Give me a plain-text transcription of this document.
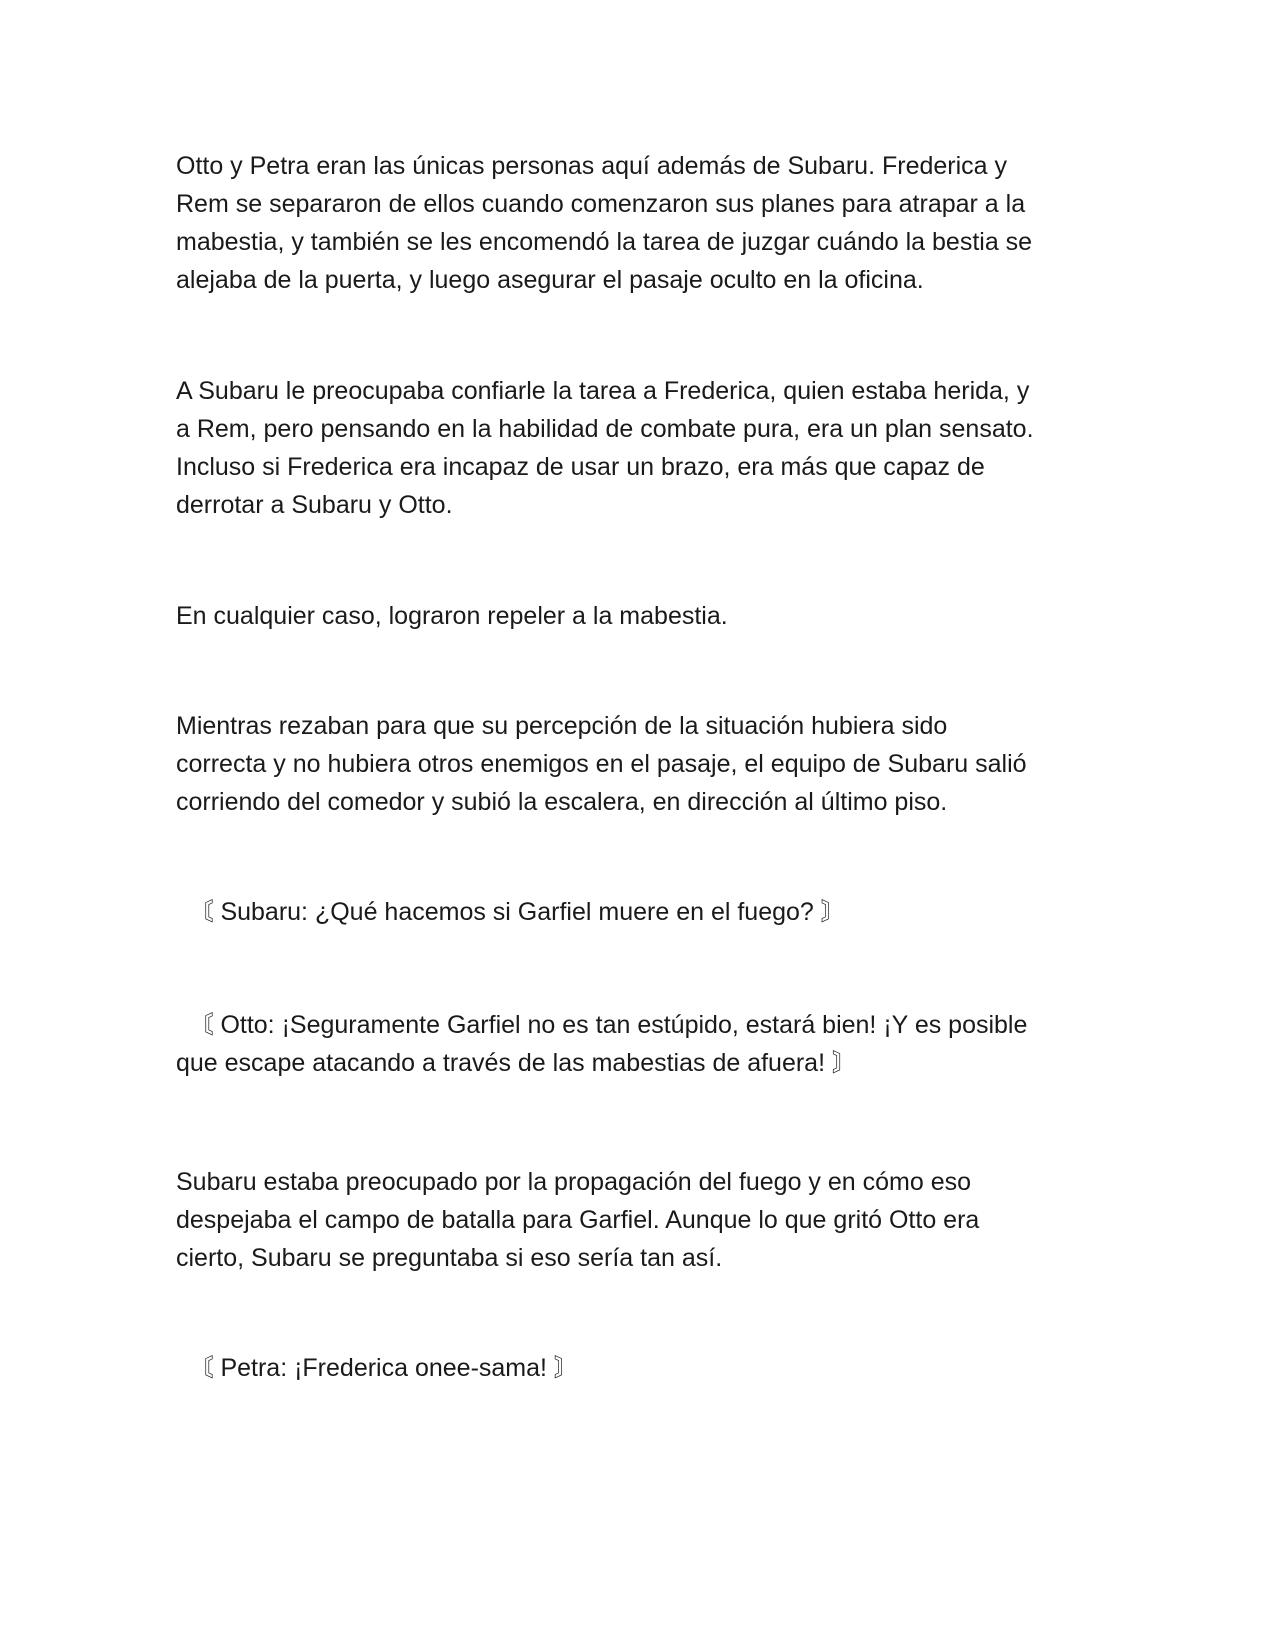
Otto y Petra eran las únicas personas aquí además de Subaru. Frederica y
Rem se separaron de ellos cuando comenzaron sus planes para atrapar a la
mabestia, y también se les encomendó la tarea de juzgar cuándo la bestia se
alejaba de la puerta, y luego asegurar el pasaje oculto en la oficina.

A Subaru le preocupaba confiarle la tarea a Frederica, quien estaba herida, y
a Rem, pero pensando en la habilidad de combate pura, era un plan sensato.
Incluso si Frederica era incapaz de usar un brazo, era más que capaz de
derrotar a Subaru y Otto.

En cualquier caso, lograron repeler a la mabestia.

Mientras rezaban para que su percepción de la situación hubiera sido
correcta y no hubiera otros enemigos en el pasaje, el equipo de Subaru salió
corriendo del comedor y subió la escalera, en dirección al último piso.

　〘 Subaru: ¿Qué hacemos si Garfiel muere en el fuego? 〙

　〘 Otto: ¡Seguramente Garfiel no es tan estúpido, estará bien! ¡Y es posible
que escape atacando a través de las mabestias de afuera! 〙

Subaru estaba preocupado por la propagación del fuego y en cómo eso
despejaba el campo de batalla para Garfiel. Aunque lo que gritó Otto era
cierto, Subaru se preguntaba si eso sería tan así.

　〘 Petra: ¡Frederica onee-sama! 〙
